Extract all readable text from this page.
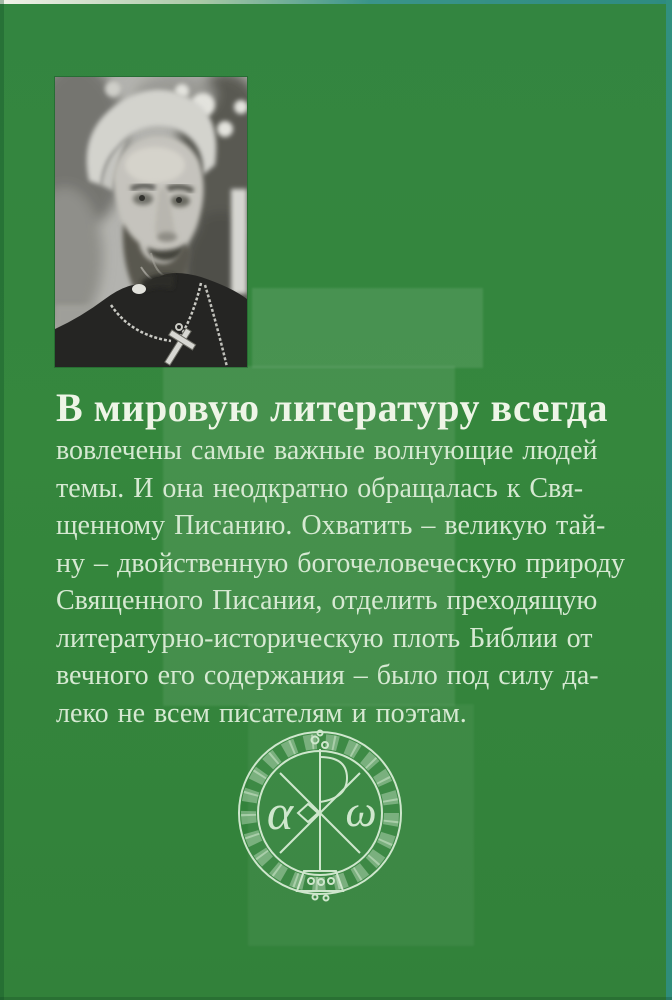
В мировую литературу всегда
вовлечены самые важные волнующие людей
темы. И она неодкратно обращалась к Свя-
щенному Писанию. Охватить – великую тай-
ну – двойственную богочеловеческую природу
Священного Писания, отделить преходящую
литературно-историческую плоть Библии от
вечного его содержания – было под силу да-
леко не всем писателям и поэтам.
α ω
